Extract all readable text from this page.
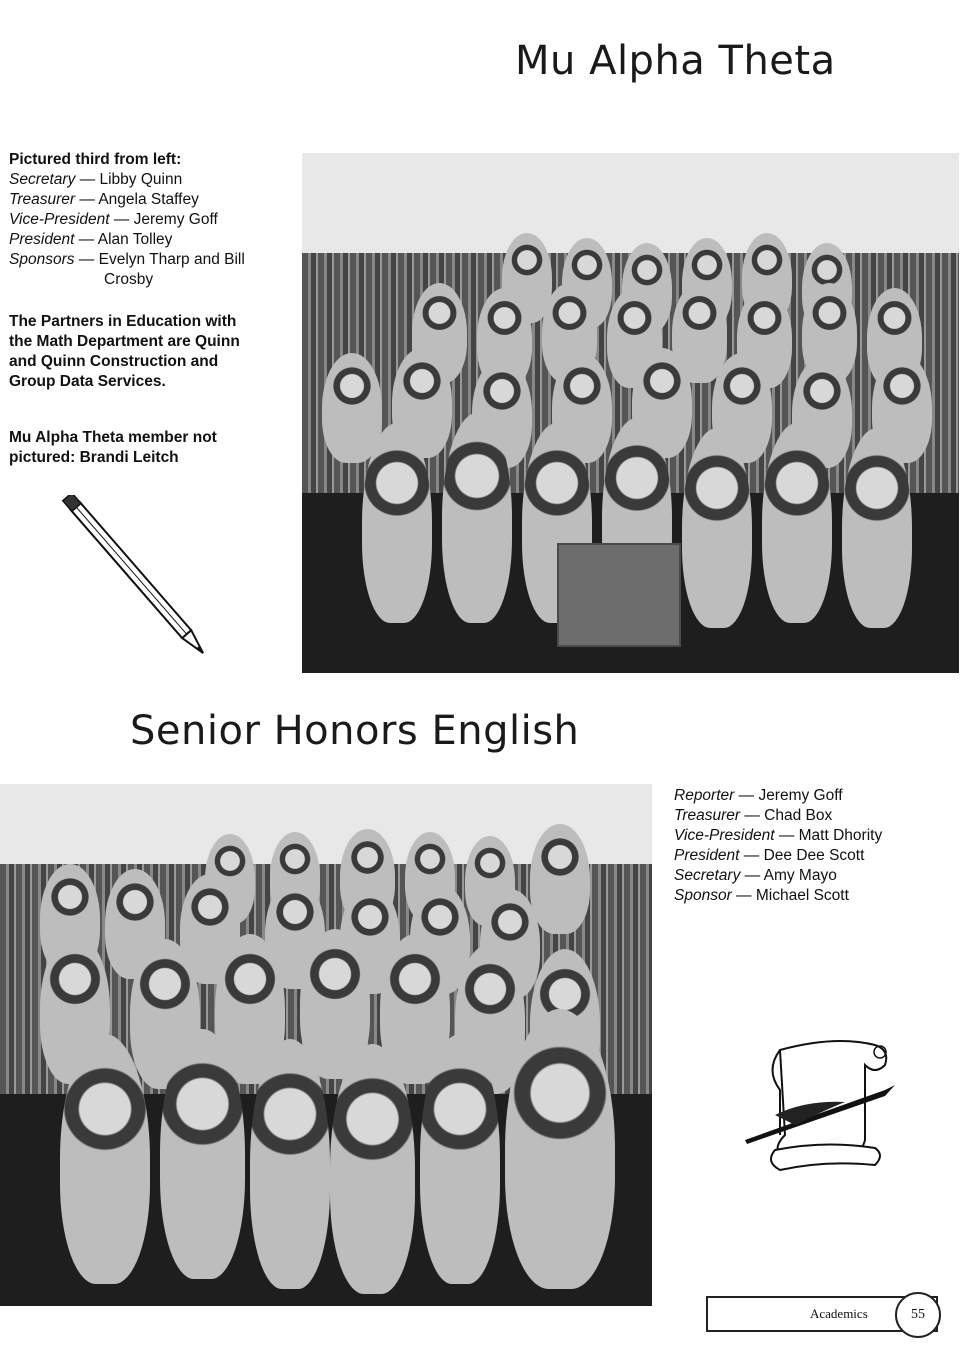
Mu Alpha Theta
Pictured third from left:
Secretary — Libby Quinn
Treasurer — Angela Staffey
Vice-President — Jeremy Goff
President — Alan Tolley
Sponsors — Evelyn Tharp and Bill
Crosby
The Partners in Education with
the Math Department are Quinn
and Quinn Construction and
Group Data Services.
Mu Alpha Theta member not
pictured: Brandi Leitch
Senior Honors English
Reporter — Jeremy Goff
Treasurer — Chad Box
Vice-President — Matt Dhority
President — Dee Dee Scott
Secretary — Amy Mayo
Sponsor — Michael Scott
Academics	55
